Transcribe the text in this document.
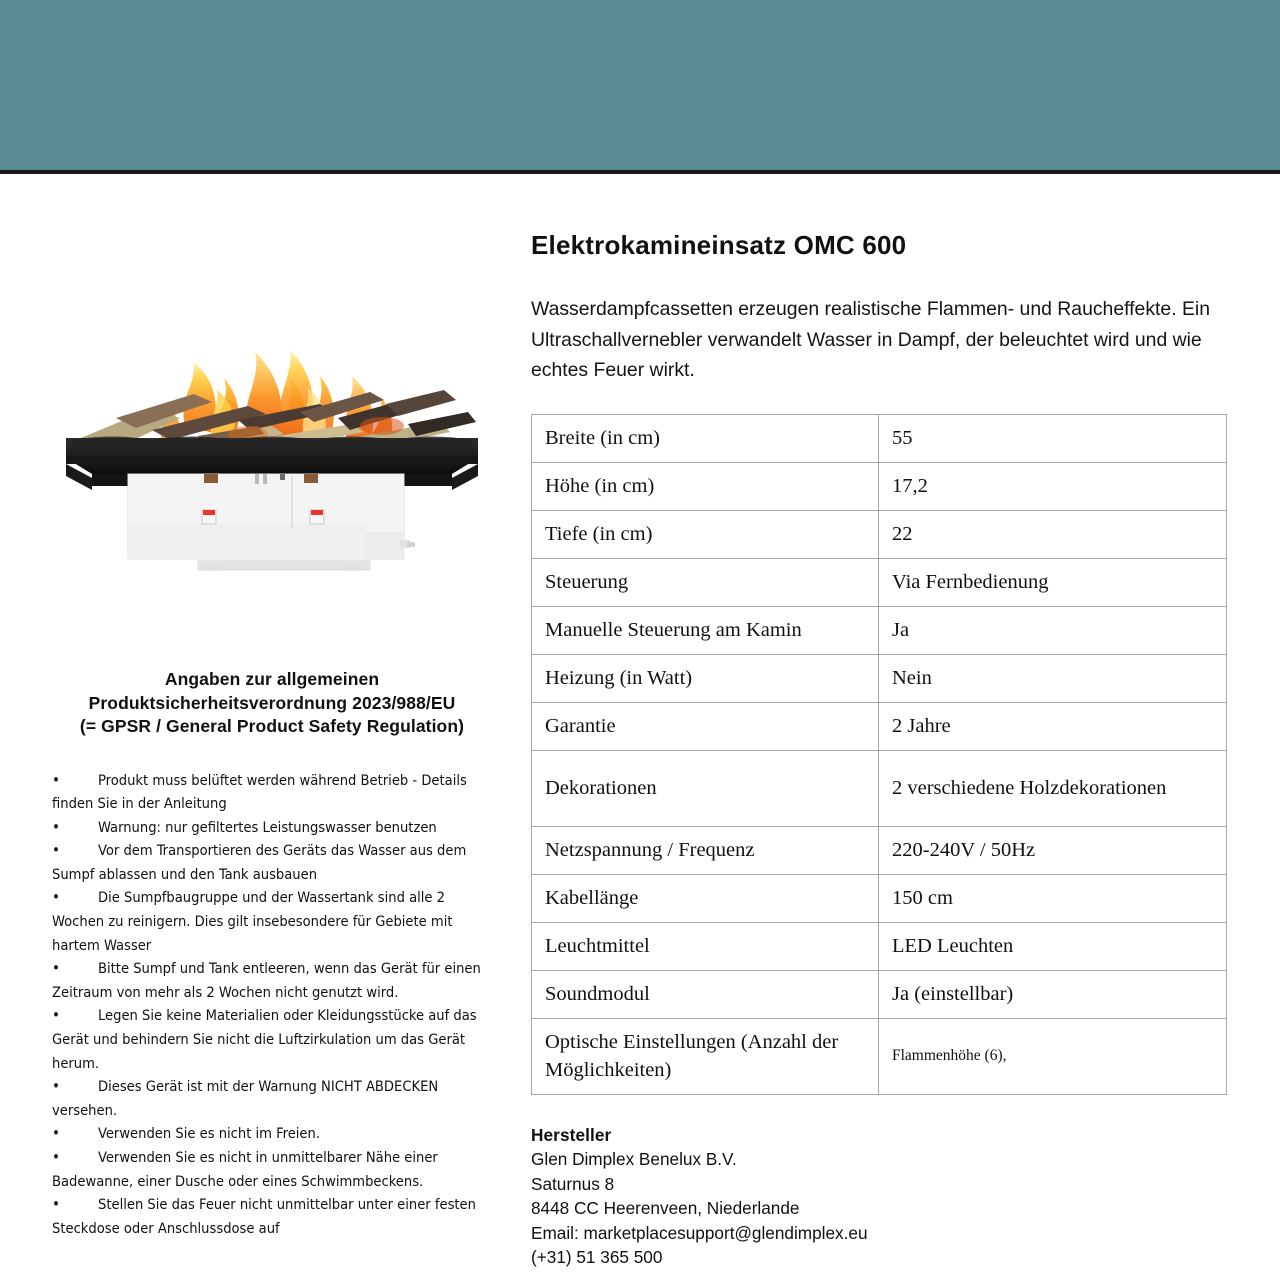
Angaben zur allgemeinen
Produktsicherheitsverordnung 2023/988/EU
(= GPSR / General Product Safety Regulation)

•	Produkt muss belüftet werden während Betrieb - Details finden Sie in der Anleitung

•	Warnung: nur gefiltertes Leistungswasser benutzen

•	Vor dem Transportieren des Geräts das Wasser aus dem Sumpf ablassen und den Tank ausbauen

•	Die Sumpfbaugruppe und der Wassertank sind alle 2 Wochen zu reinigern. Dies gilt insebesondere für Gebiete mit hartem Wasser

•	Bitte Sumpf und Tank entleeren, wenn das Gerät für einen Zeitraum von mehr als 2 Wochen nicht genutzt wird.

•	Legen Sie keine Materialien oder Kleidungsstücke auf das Gerät und behindern Sie nicht die Luftzirkulation um das Gerät herum.

•	Dieses Gerät ist mit der Warnung NICHT ABDECKEN versehen.

•	Verwenden Sie es nicht im Freien.

•	Verwenden Sie es nicht in unmittelbarer Nähe einer Badewanne, einer Dusche oder eines Schwimmbeckens.

•	Stellen Sie das Feuer nicht unmittelbar unter einer festen Steckdose oder Anschlussdose auf

Elektrokamineinsatz OMC 600
Wasserdampfcassetten erzeugen realistische Flammen- und Raucheffekte. Ein Ultraschallvernebler verwandelt Wasser in Dampf, der beleuchtet wird und wie echtes Feuer wirkt.
Breite (in cm)	55
Höhe (in cm)	17,2
Tiefe (in cm)	22
Steuerung	Via Fernbedienung
Manuelle Steuerung am Kamin	Ja
Heizung (in Watt)	Nein
Garantie	2 Jahre
Dekorationen	2 verschiedene Holzdekorationen
Netzspannung / Frequenz	220-240V / 50Hz
Kabellänge	150 cm
Leuchtmittel	LED Leuchten
Soundmodul	Ja (einstellbar)
Optische Einstellungen (Anzahl der Möglichkeiten)	Flammenhöhe (6),
Hersteller
Glen Dimplex Benelux B.V.
Saturnus 8
8448 CC Heerenveen, Niederlande
Email: marketplacesupport@glendimplex.eu
(+31) 51 365 500
